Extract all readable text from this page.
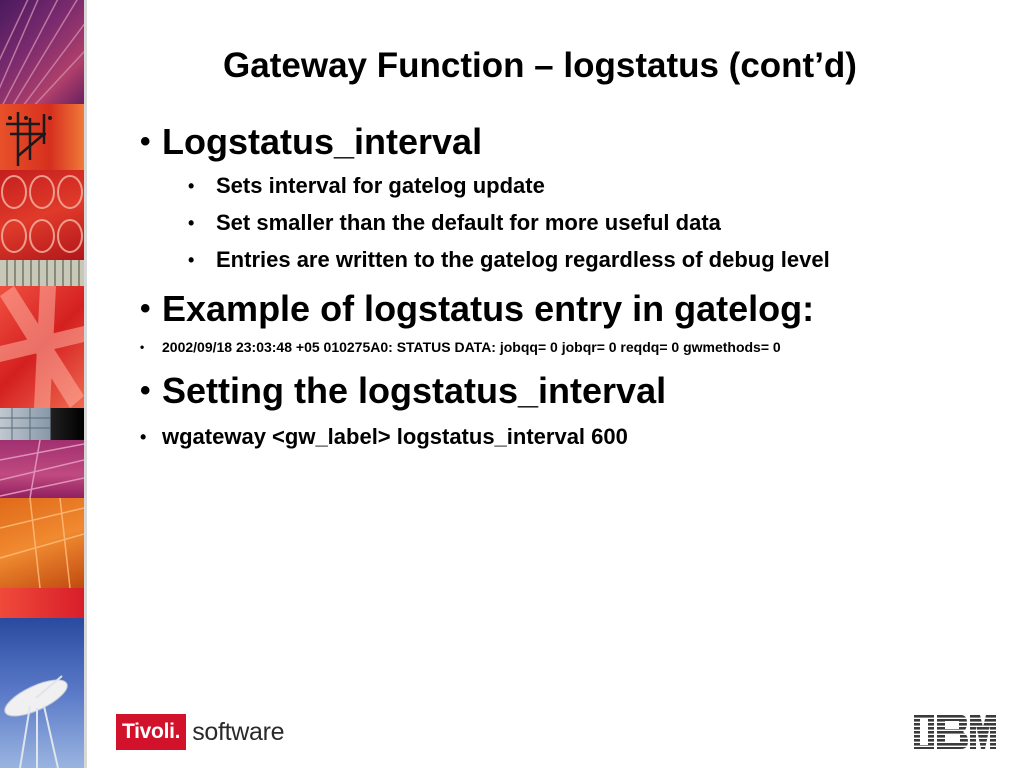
Gateway Function – logstatus (cont’d)
• Logstatus_interval
• Sets interval for gatelog update
• Set smaller than the default for more useful data
• Entries are written to the gatelog regardless of debug level
• Example of logstatus entry in gatelog:
• 2002/09/18 23:03:48 +05 010275A0: STATUS DATA: jobqq= 0 jobqr= 0 reqdq= 0 gwmethods= 0
• Setting the logstatus_interval
• wgateway <gw_label> logstatus_interval 600
Tivoli. software
